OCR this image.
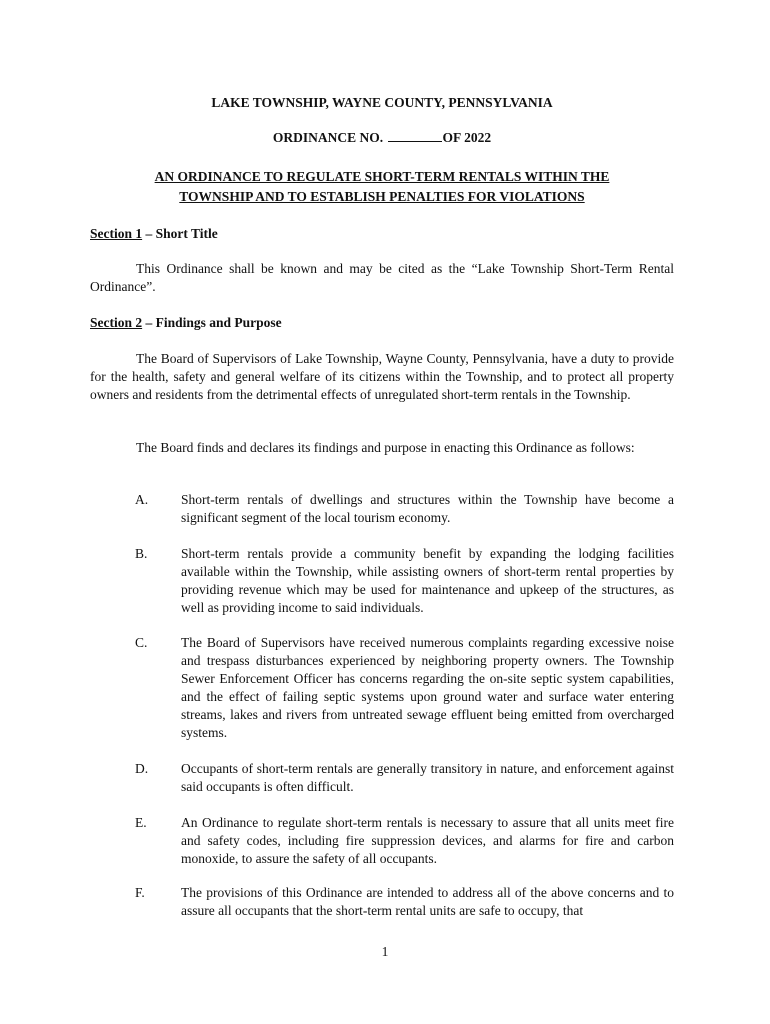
LAKE TOWNSHIP, WAYNE COUNTY, PENNSYLVANIA
ORDINANCE NO.	OF 2022
AN ORDINANCE TO REGULATE SHORT-TERM RENTALS WITHIN THE
TOWNSHIP AND TO ESTABLISH PENALTIES FOR VIOLATIONS
Section 1 – Short Title
This Ordinance shall be known and may be cited as the “Lake Township Short-Term Rental Ordinance”.
Section 2 – Findings and Purpose
The Board of Supervisors of Lake Township, Wayne County, Pennsylvania, have a duty to provide for the health, safety and general welfare of its citizens within the Township, and to protect all property owners and residents from the detrimental effects of unregulated short-term rentals in the Township.
The Board finds and declares its findings and purpose in enacting this Ordinance as follows:
A. Short-term rentals of dwellings and structures within the Township have become a significant segment of the local tourism economy.
B. Short-term rentals provide a community benefit by expanding the lodging facilities available within the Township, while assisting owners of short-term rental properties by providing revenue which may be used for maintenance and upkeep of the structures, as well as providing income to said individuals.
C. The Board of Supervisors have received numerous complaints regarding excessive noise and trespass disturbances experienced by neighboring property owners. The Township Sewer Enforcement Officer has concerns regarding the on-site septic system capabilities, and the effect of failing septic systems upon ground water and surface water entering streams, lakes and rivers from untreated sewage effluent being emitted from overcharged systems.
D. Occupants of short-term rentals are generally transitory in nature, and enforcement against said occupants is often difficult.
E.	An Ordinance to regulate short-term rentals is necessary to assure that all units meet fire and safety codes, including fire suppression devices, and alarms for fire and carbon monoxide, to assure the safety of all occupants.
F.	The provisions of this Ordinance are intended to address all of the above concerns and to assure all occupants that the short-term rental units are safe to occupy, that
1
